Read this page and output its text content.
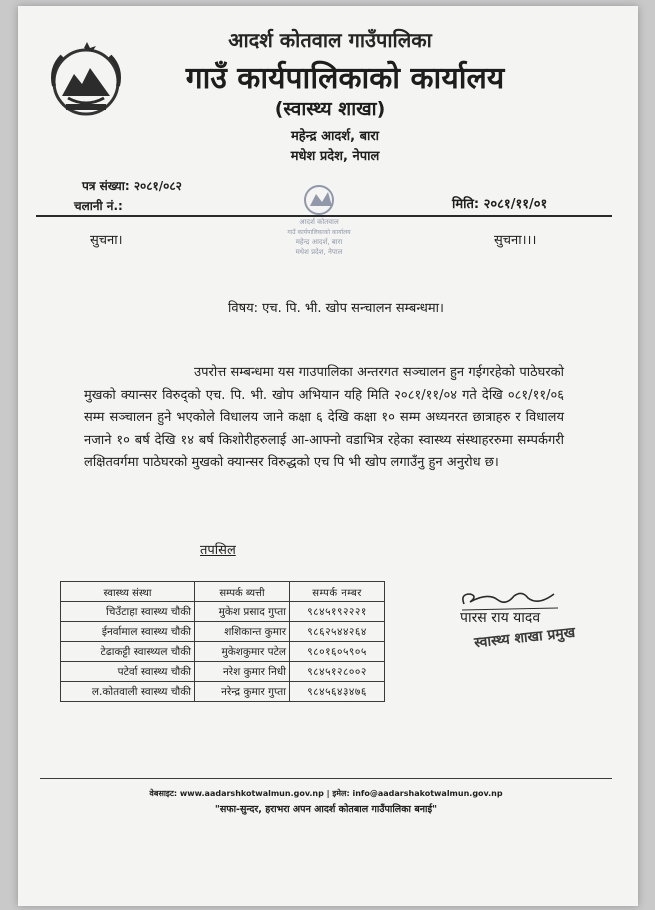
आदर्श कोतवाल गाउँपालिका
गाउँ कार्यपालिकाको कार्यालय
(स्वास्थ्य शाखा)
महेन्द्र आदर्श, बारा
मधेश प्रदेश, नेपाल
पत्र संख्या: २०८१/०८२
चलानी नं.:	मिति: २०८१/११/०१
सुचना।	सुचना।।।
आदर्श कोतवाल
गाउँ कार्यपालिकाको कार्यालय
महेन्द्र आदर्श, बारा
मधेश प्रदेश, नेपाल
विषय: एच. पि. भी. खोप सन्चालन सम्बन्धमा।

उपरोत्त सम्बन्धमा यस गाउपालिका अन्तरगत सञ्चालन हुन गईगरहेको पाठेघरको मुखको क्यान्सर विरुद्को एच. पि. भी. खोप अभियान यहि मिति २०८१/११/०४ गते देखि ०८१/११/०६ सम्म सञ्चालन हुने भएकोले विधालय जाने कक्षा ६ देखि कक्षा १० सम्म अध्यनरत छात्राहरु र विधालय नजाने १० बर्ष देखि १४ बर्ष किशोरीहरुलाई आ-आफ्नो वडाभित्र रहेका स्वास्थ्य संस्थाहररुमा सम्पर्कगरी लक्षितवर्गमा पाठेघरको मुखको क्यान्सर विरुद्धको एच पि भी खोप लगाउँनु हुन अनुरोध छ।

तपसिल
स्वास्थ्य संस्था	सम्पर्क ब्यत्ती	सम्पर्क नम्बर
चिउँटाहा स्वास्थ्य चौकी	मुकेश प्रसाद गुप्ता	९८४५१९२२२१
ईनर्वामाल स्वास्थ्य चौकी	शशिकान्त कुमार	९८६२५४४२६४
टेढाकट्टी स्वास्थ्यल चौकी	मुकेशकुमार पटेल	९८०१६०५९०५
पटेर्वा स्वास्थ्य चौकी	नरेश कुमार निधी	९८४५१२८००२
ल.कोतवाली स्वास्थ्य चौकी	नरेन्द्र कुमार गुप्ता	९८४५६४३४७६
पारस राय यादव
स्वास्थ्य शाखा प्रमुख
वेबसाइट: www.aadarshkotwalmun.gov.np | इमेल: info@aadarshakotwalmun.gov.np
"सफा-सुन्दर, हराभरा अपन आदर्श कोतबाल गाउँपालिका बनाई"
